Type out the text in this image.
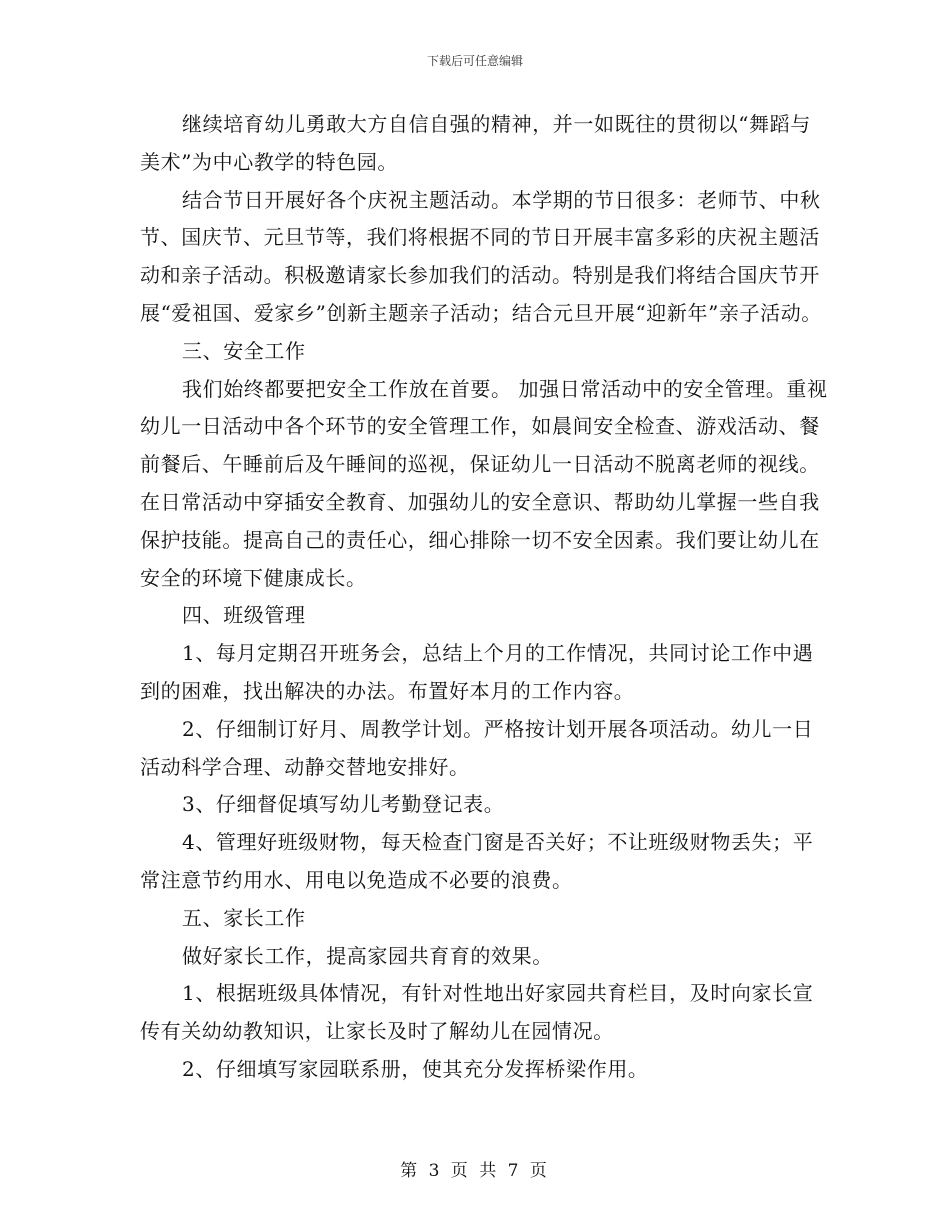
下载后可任意编辑

继续培育幼儿勇敢大方自信自强的精神，并一如既往的贯彻以“舞蹈与美术”为中心教学的特色园。

结合节日开展好各个庆祝主题活动。本学期的节日很多：老师节、中秋节、国庆节、元旦节等，我们将根据不同的节日开展丰富多彩的庆祝主题活动和亲子活动。积极邀请家长参加我们的活动。特别是我们将结合国庆节开展“爱祖国、爱家乡”创新主题亲子活动；结合元旦开展“迎新年”亲子活动。

三、安全工作

我们始终都要把安全工作放在首要。 加强日常活动中的安全管理。重视幼儿一日活动中各个环节的安全管理工作，如晨间安全检查、游戏活动、餐前餐后、午睡前后及午睡间的巡视，保证幼儿一日活动不脱离老师的视线。在日常活动中穿插安全教育、加强幼儿的安全意识、帮助幼儿掌握一些自我保护技能。提高自己的责任心，细心排除一切不安全因素。我们要让幼儿在安全的环境下健康成长。

四、班级管理

1、每月定期召开班务会，总结上个月的工作情况，共同讨论工作中遇到的困难，找出解决的办法。布置好本月的工作内容。

2、仔细制订好月、周教学计划。严格按计划开展各项活动。幼儿一日活动科学合理、动静交替地安排好。

3、仔细督促填写幼儿考勤登记表。

4、管理好班级财物，每天检查门窗是否关好；不让班级财物丢失；平常注意节约用水、用电以免造成不必要的浪费。

五、家长工作

做好家长工作，提高家园共育育的效果。

1、根据班级具体情况，有针对性地出好家园共育栏目，及时向家长宣传有关幼幼教知识，让家长及时了解幼儿在园情况。

2、仔细填写家园联系册，使其充分发挥桥梁作用。

第 3 页 共 7 页
